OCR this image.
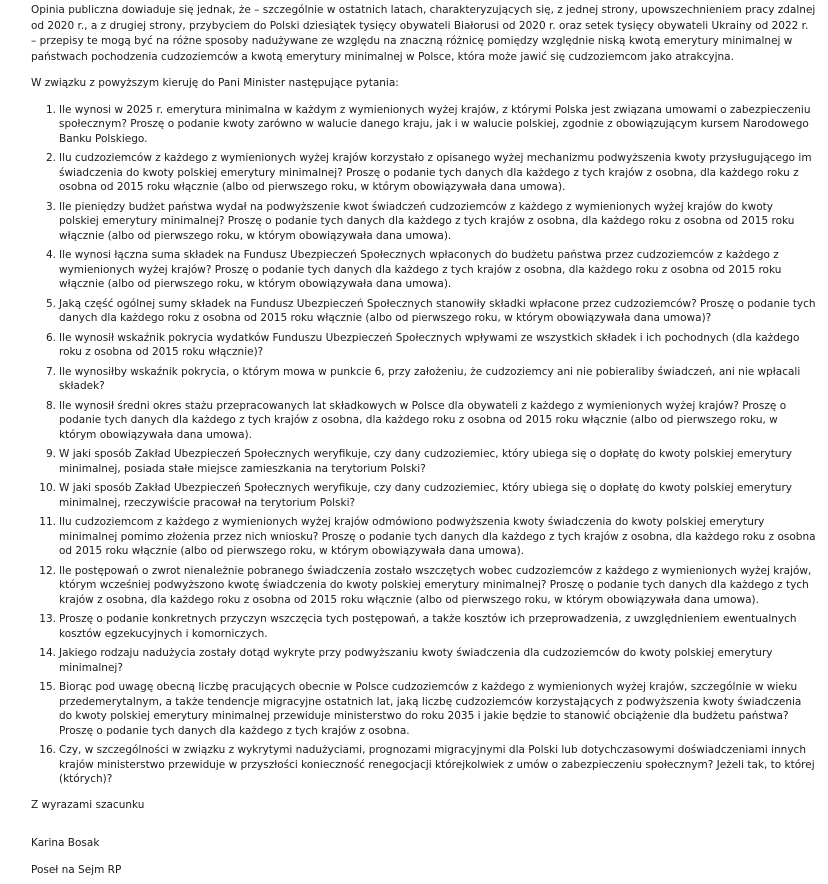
Opinia publiczna dowiaduje się jednak, że – szczególnie w ostatnich latach, charakteryzujących się, z jednej strony, upowszechnieniem pracy zdalnej od 2020 r., a z drugiej strony, przybyciem do Polski dziesiątek tysięcy obywateli Białorusi od 2020 r. oraz setek tysięcy obywateli Ukrainy od 2022 r. – przepisy te mogą być na różne sposoby nadużywane ze względu na znaczną różnicę pomiędzy względnie niską kwotą emerytury minimalnej w państwach pochodzenia cudzoziemców a kwotą emerytury minimalnej w Polsce, która może jawić się cudzoziemcom jako atrakcyjna.

W związku z powyższym kieruję do Pani Minister następujące pytania:

1. Ile wynosi w 2025 r. emerytura minimalna w każdym z wymienionych wyżej krajów, z którymi Polska jest związana umowami o zabezpieczeniu społecznym? Proszę o podanie kwoty zarówno w walucie danego kraju, jak i w walucie polskiej, zgodnie z obowiązującym kursem Narodowego Banku Polskiego.
2. Ilu cudzoziemców z każdego z wymienionych wyżej krajów korzystało z opisanego wyżej mechanizmu podwyższenia kwoty przysługującego im świadczenia do kwoty polskiej emerytury minimalnej? Proszę o podanie tych danych dla każdego z tych krajów z osobna, dla każdego roku z osobna od 2015 roku włącznie (albo od pierwszego roku, w którym obowiązywała dana umowa).
3. Ile pieniędzy budżet państwa wydał na podwyższenie kwot świadczeń cudzoziemców z każdego z wymienionych wyżej krajów do kwoty polskiej emerytury minimalnej? Proszę o podanie tych danych dla każdego z tych krajów z osobna, dla każdego roku z osobna od 2015 roku włącznie (albo od pierwszego roku, w którym obowiązywała dana umowa).
4. Ile wynosi łączna suma składek na Fundusz Ubezpieczeń Społecznych wpłaconych do budżetu państwa przez cudzoziemców z każdego z wymienionych wyżej krajów? Proszę o podanie tych danych dla każdego z tych krajów z osobna, dla każdego roku z osobna od 2015 roku włącznie (albo od pierwszego roku, w którym obowiązywała dana umowa).
5. Jaką część ogólnej sumy składek na Fundusz Ubezpieczeń Społecznych stanowiły składki wpłacone przez cudzoziemców? Proszę o podanie tych danych dla każdego roku z osobna od 2015 roku włącznie (albo od pierwszego roku, w którym obowiązywała dana umowa)?
6. Ile wynosił wskaźnik pokrycia wydatków Funduszu Ubezpieczeń Społecznych wpływami ze wszystkich składek i ich pochodnych (dla każdego roku z osobna od 2015 roku włącznie)?
7. Ile wynosiłby wskaźnik pokrycia, o którym mowa w punkcie 6, przy założeniu, że cudzoziemcy ani nie pobieraliby świadczeń, ani nie wpłacali składek?
8. Ile wynosił średni okres stażu przepracowanych lat składkowych w Polsce dla obywateli z każdego z wymienionych wyżej krajów? Proszę o podanie tych danych dla każdego z tych krajów z osobna, dla każdego roku z osobna od 2015 roku włącznie (albo od pierwszego roku, w którym obowiązywała dana umowa).
9. W jaki sposób Zakład Ubezpieczeń Społecznych weryfikuje, czy dany cudzoziemiec, który ubiega się o dopłatę do kwoty polskiej emerytury minimalnej, posiada stałe miejsce zamieszkania na terytorium Polski?
10. W jaki sposób Zakład Ubezpieczeń Społecznych weryfikuje, czy dany cudzoziemiec, który ubiega się o dopłatę do kwoty polskiej emerytury minimalnej, rzeczywiście pracował na terytorium Polski?
11. Ilu cudzoziemcom z każdego z wymienionych wyżej krajów odmówiono podwyższenia kwoty świadczenia do kwoty polskiej emerytury minimalnej pomimo złożenia przez nich wniosku? Proszę o podanie tych danych dla każdego z tych krajów z osobna, dla każdego roku z osobna od 2015 roku włącznie (albo od pierwszego roku, w którym obowiązywała dana umowa).
12. Ile postępowań o zwrot nienależnie pobranego świadczenia zostało wszczętych wobec cudzoziemców z każdego z wymienionych wyżej krajów, którym wcześniej podwyższono kwotę świadczenia do kwoty polskiej emerytury minimalnej? Proszę o podanie tych danych dla każdego z tych krajów z osobna, dla każdego roku z osobna od 2015 roku włącznie (albo od pierwszego roku, w którym obowiązywała dana umowa).
13. Proszę o podanie konkretnych przyczyn wszczęcia tych postępowań, a także kosztów ich przeprowadzenia, z uwzględnieniem ewentualnych kosztów egzekucyjnych i komorniczych.
14. Jakiego rodzaju nadużycia zostały dotąd wykryte przy podwyższaniu kwoty świadczenia dla cudzoziemców do kwoty polskiej emerytury minimalnej?
15. Biorąc pod uwagę obecną liczbę pracujących obecnie w Polsce cudzoziemców z każdego z wymienionych wyżej krajów, szczególnie w wieku przedemerytalnym, a także tendencje migracyjne ostatnich lat, jaką liczbę cudzoziemców korzystających z podwyższenia kwoty świadczenia do kwoty polskiej emerytury minimalnej przewiduje ministerstwo do roku 2035 i jakie będzie to stanowić obciążenie dla budżetu państwa? Proszę o podanie tych danych dla każdego z tych krajów z osobna.
16. Czy, w szczególności w związku z wykrytymi nadużyciami, prognozami migracyjnymi dla Polski lub dotychczasowymi doświadczeniami innych krajów ministerstwo przewiduje w przyszłości konieczność renegocjacji którejkolwiek z umów o zabezpieczeniu społecznym? Jeżeli tak, to której (których)?

Z wyrazami szacunku

Karina Bosak

Poseł na Sejm RP
